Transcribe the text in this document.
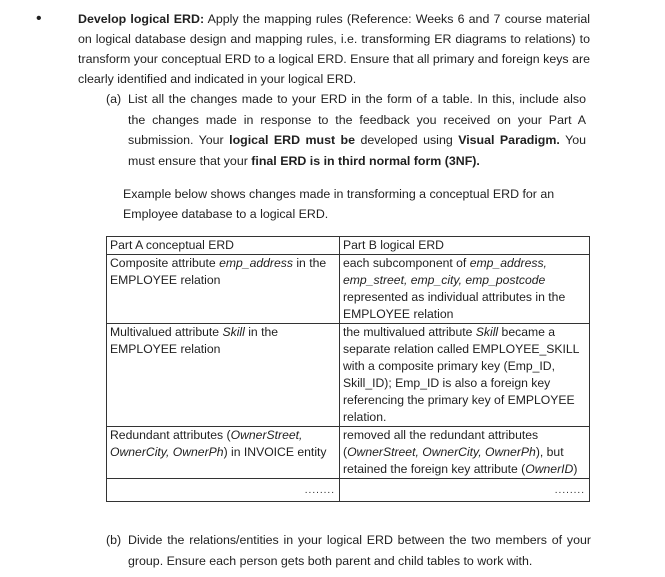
•	Develop logical ERD: Apply the mapping rules (Reference: Weeks 6 and 7 course material on logical database design and mapping rules, i.e. transforming ER diagrams to relations) to transform your conceptual ERD to a logical ERD. Ensure that all primary and foreign keys are clearly identified and indicated in your logical ERD.
(a) List all the changes made to your ERD in the form of a table. In this, include also the changes made in response to the feedback you received on your Part A submission. Your logical ERD must be developed using Visual Paradigm. You must ensure that your final ERD is in third normal form (3NF).
Example below shows changes made in transforming a conceptual ERD for an Employee database to a logical ERD.
Part A conceptual ERD	Part B logical ERD
Composite attribute emp_address in the EMPLOYEE relation	each subcomponent of emp_address, emp_street, emp_city, emp_postcode represented as individual attributes in the EMPLOYEE relation
Multivalued attribute Skill in the EMPLOYEE relation	the multivalued attribute Skill became a separate relation called EMPLOYEE_SKILL with a composite primary key (Emp_ID, Skill_ID); Emp_ID is also a foreign key referencing the primary key of EMPLOYEE relation.
Redundant attributes (OwnerStreet, OwnerCity, OwnerPh) in INVOICE entity	removed all the redundant attributes (OwnerStreet, OwnerCity, OwnerPh), but retained the foreign key attribute (OwnerID)

........	........
(b) Divide the relations/entities in your logical ERD between the two members of your group. Ensure each person gets both parent and child tables to work with.
